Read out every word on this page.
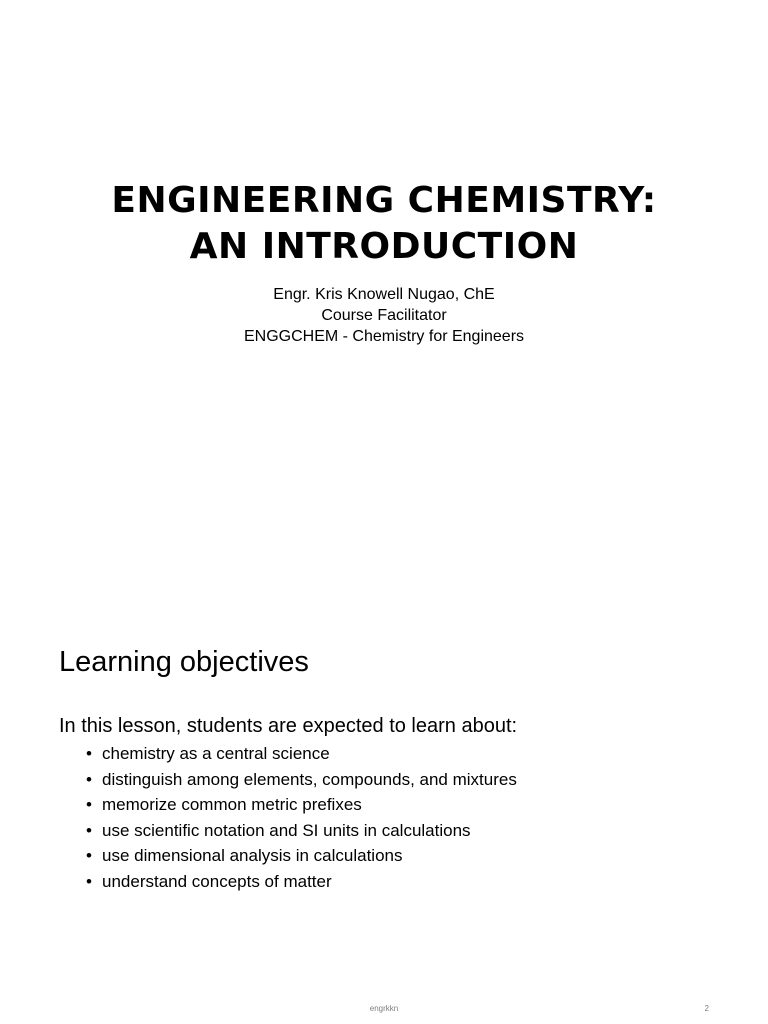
ENGINEERING CHEMISTRY:
AN INTRODUCTION
Engr. Kris Knowell Nugao, ChE
Course Facilitator
ENGGCHEM - Chemistry for Engineers
Learning objectives
In this lesson, students are expected to learn about:
• chemistry as a central science
• distinguish among elements, compounds, and mixtures
• memorize common metric prefixes
• use scientific notation and SI units in calculations
• use dimensional analysis in calculations
• understand concepts of matter
engrkkn	2
